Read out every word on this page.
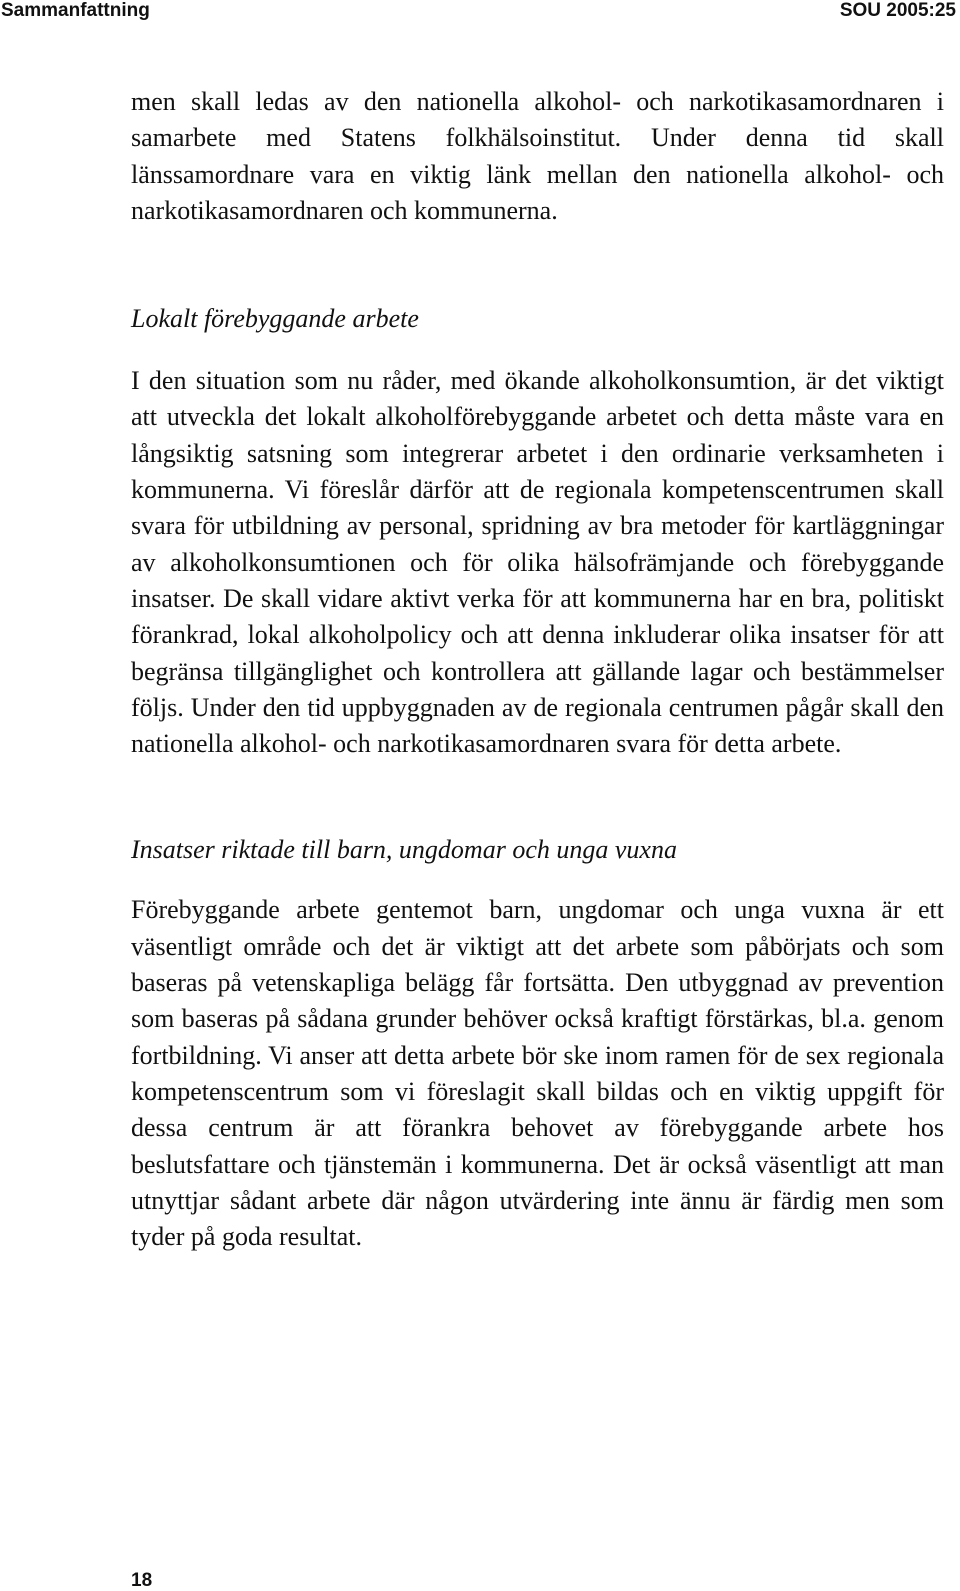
Sammanfattning	SOU 2005:25

men skall ledas av den nationella alkohol- och narkotikasamordnaren i samarbete med Statens folkhälsoinstitut. Under denna tid skall länssamordnare vara en viktig länk mellan den nationella alkohol- och narkotikasamordnaren och kommunerna.

Lokalt förebyggande arbete

I den situation som nu råder, med ökande alkoholkonsumtion, är det viktigt att utveckla det lokalt alkoholförebyggande arbetet och detta måste vara en långsiktig satsning som integrerar arbetet i den ordinarie verksamheten i kommunerna. Vi föreslår därför att de regionala kompetenscentrumen skall svara för utbildning av personal, spridning av bra metoder för kartläggningar av alkoholkonsumtionen och för olika hälsofrämjande och förebyggande insatser. De skall vidare aktivt verka för att kommunerna har en bra, politiskt förankrad, lokal alkoholpolicy och att denna inkluderar olika insatser för att begränsa tillgänglighet och kontrollera att gällande lagar och bestämmelser följs. Under den tid uppbyggnaden av de regionala centrumen pågår skall den nationella alkohol- och narkotikasamordnaren svara för detta arbete.

Insatser riktade till barn, ungdomar och unga vuxna

Förebyggande arbete gentemot barn, ungdomar och unga vuxna är ett väsentligt område och det är viktigt att det arbete som påbörjats och som baseras på vetenskapliga belägg får fortsätta. Den utbyggnad av prevention som baseras på sådana grunder behöver också kraftigt förstärkas, bl.a. genom fortbildning. Vi anser att detta arbete bör ske inom ramen för de sex regionala kompetenscentrum som vi föreslagit skall bildas och en viktig uppgift för dessa centrum är att förankra behovet av förebyggande arbete hos beslutsfattare och tjänstemän i kommunerna. Det är också väsentligt att man utnyttjar sådant arbete där någon utvärdering inte ännu är färdig men som tyder på goda resultat.

18
